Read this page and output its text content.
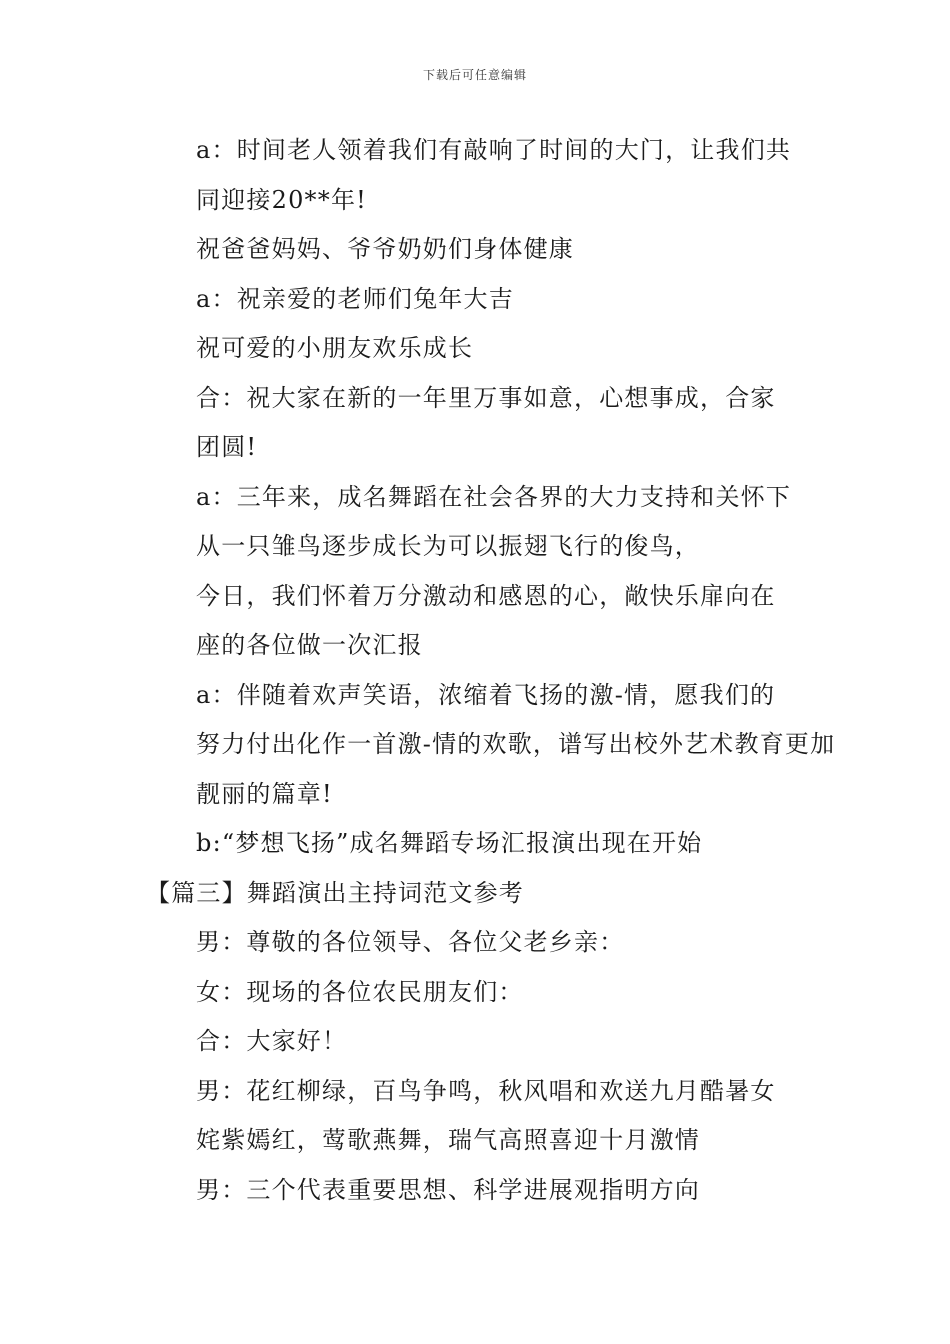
下载后可任意编辑

a：时间老人领着我们有敲响了时间的大门，让我们共
同迎接20**年!

祝爸爸妈妈、爷爷奶奶们身体健康

a：祝亲爱的老师们兔年大吉

祝可爱的小朋友欢乐成长

合：祝大家在新的一年里万事如意，心想事成，合家
团圆!

a：三年来，成名舞蹈在社会各界的大力支持和关怀下
从一只雏鸟逐步成长为可以振翅飞行的俊鸟，

今日，我们怀着万分激动和感恩的心，敞快乐扉向在
座的各位做一次汇报

a：伴随着欢声笑语，浓缩着飞扬的激-情，愿我们的
努力付出化作一首激-情的欢歌，谱写出校外艺术教育更加
靓丽的篇章!

b:“梦想飞扬”成名舞蹈专场汇报演出现在开始

【篇三】舞蹈演出主持词范文参考

男：尊敬的各位领导、各位父老乡亲：

女：现场的各位农民朋友们：

合：大家好！

男：花红柳绿，百鸟争鸣，秋风唱和欢送九月酷暑女
姹紫嫣红，莺歌燕舞，瑞气高照喜迎十月激情

男：三个代表重要思想、科学进展观指明方向
